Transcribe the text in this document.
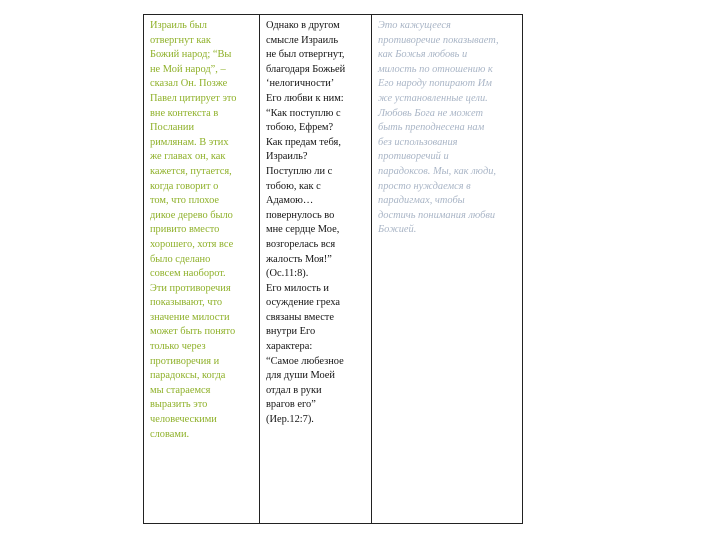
Израиль был
отвергнут как
Божий народ; “Вы
не Мой народ”, –
сказал Он. Позже
Павел цитирует это
вне контекста в
Послании
римлянам. В этих
же главах он, как
кажется, путается,
когда говорит о
том, что плохое
дикое дерево было
привито вместо
хорошего, хотя все
было сделано
совсем наоборот.
Эти противоречия
показывают, что
значение милости
может быть понято
только через
противоречия и
парадоксы, когда
мы стараемся
выразить это
человеческими
словами.
Однако в другом
смысле Израиль
не был отвергнут,
благодаря Божьей
‘нелогичности’
Его любви к ним:
“Как поступлю с
тобою, Ефрем?
Как предам тебя,
Израиль?
Поступлю ли с
тобою, как с
Адамою…
повернулось во
мне сердце Мое,
возгорелась вся
жалость Моя!”
(Ос.11:8).
Его милость и
осуждение греха
связаны вместе
внутри Его
характера:
“Самое любезное
для души Моей
отдал в руки
врагов его”
(Иер.12:7).
Это кажущееся
противоречие показывает,
как Божья любовь и
милость по отношению к
Его народу попирают Им
же установленные цели.
Любовь Бога не может
быть преподнесена нам
без использования
противоречий и
парадоксов. Мы, как люди,
просто нуждаемся в
парадигмах, чтобы
достичь понимания любви
Божией.
